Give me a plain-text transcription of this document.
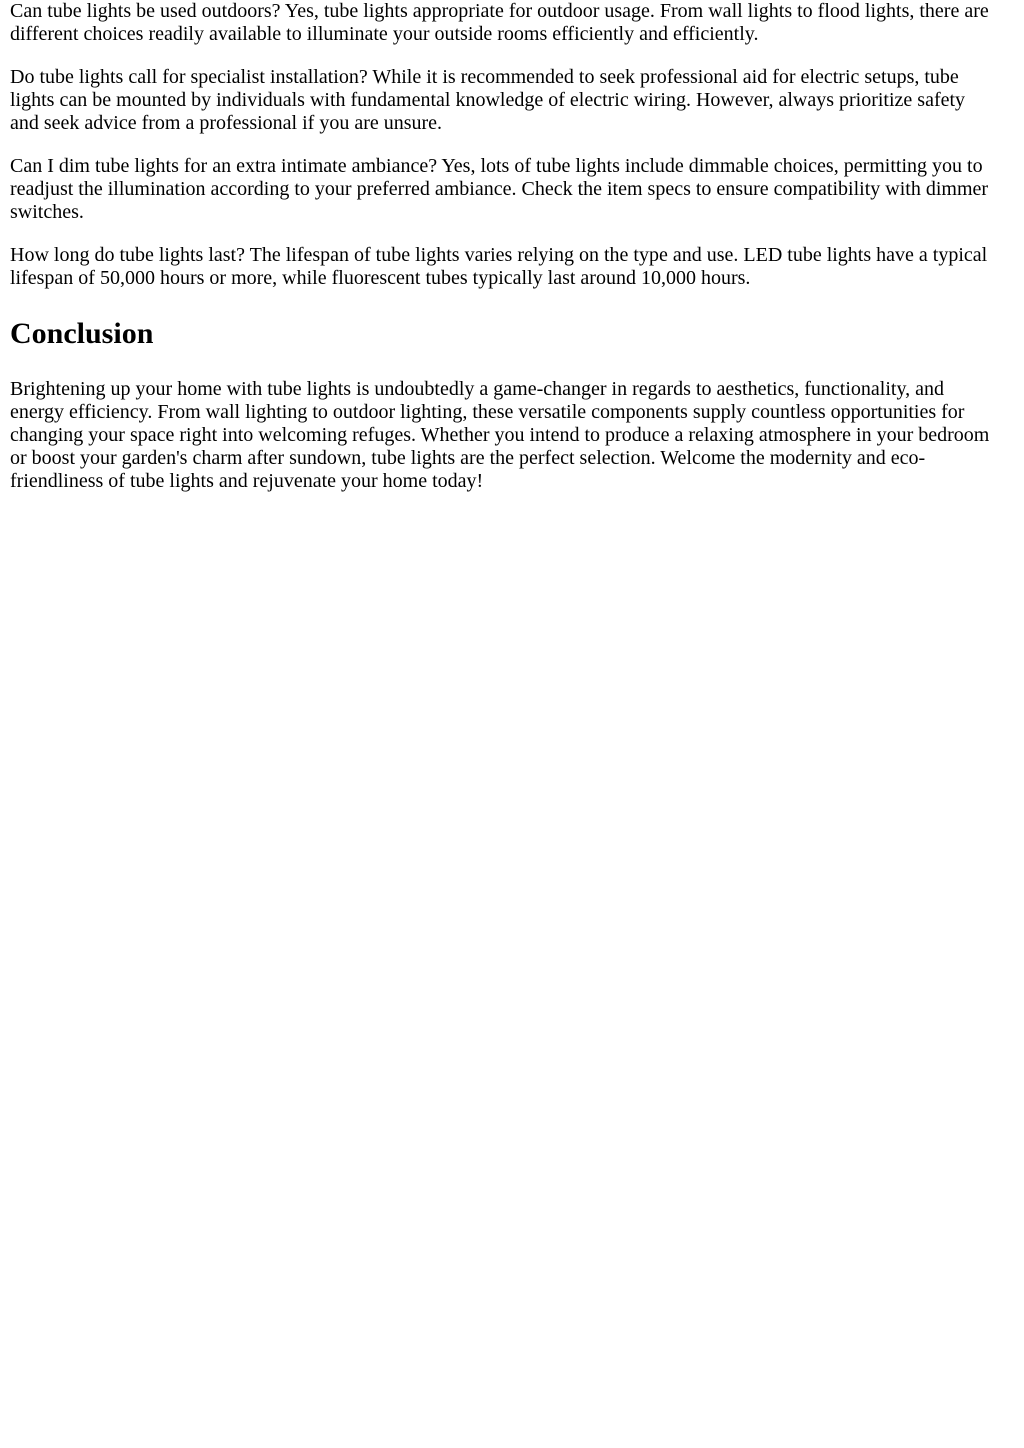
Can tube lights be used outdoors? Yes, tube lights appropriate for outdoor usage. From wall lights to flood lights, there are different choices readily available to illuminate your outside rooms efficiently and efficiently.

Do tube lights call for specialist installation? While it is recommended to seek professional aid for electric setups, tube lights can be mounted by individuals with fundamental knowledge of electric wiring. However, always prioritize safety and seek advice from a professional if you are unsure.

Can I dim tube lights for an extra intimate ambiance? Yes, lots of tube lights include dimmable choices, permitting you to readjust the illumination according to your preferred ambiance. Check the item specs to ensure compatibility with dimmer switches.

How long do tube lights last? The lifespan of tube lights varies relying on the type and use. LED tube lights have a typical lifespan of 50,000 hours or more, while fluorescent tubes typically last around 10,000 hours.

Conclusion

Brightening up your home with tube lights is undoubtedly a game-changer in regards to aesthetics, functionality, and energy efficiency. From wall lighting to outdoor lighting, these versatile components supply countless opportunities for changing your space right into welcoming refuges. Whether you intend to produce a relaxing atmosphere in your bedroom or boost your garden's charm after sundown, tube lights are the perfect selection. Welcome the modernity and eco-friendliness of tube lights and rejuvenate your home today!
